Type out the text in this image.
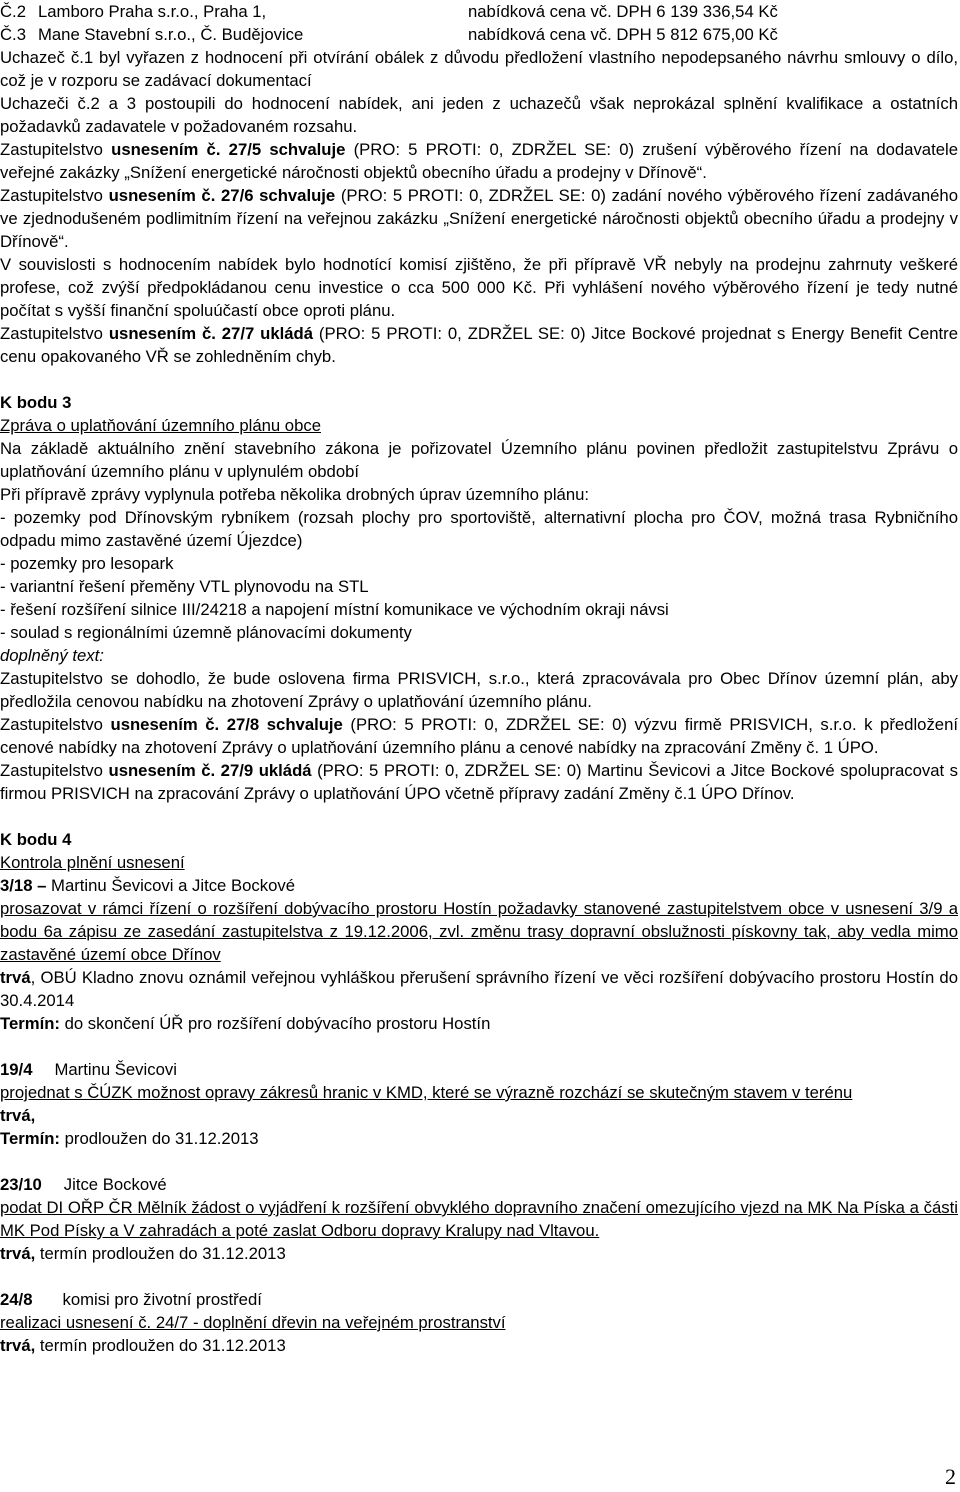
Č.2 Lamboro Praha s.r.o., Praha 1,	nabídková cena vč. DPH 6 139 336,54 Kč
Č.3 Mane Stavební s.r.o., Č. Budějovice	nabídková cena vč. DPH 5 812 675,00 Kč
Uchazeč č.1 byl vyřazen z hodnocení při otvírání obálek z důvodu předložení vlastního nepodepsaného návrhu smlouvy o dílo, což je v rozporu se zadávací dokumentací
Uchazeči č.2 a 3 postoupili do hodnocení nabídek, ani jeden z uchazečů však neprokázal splnění kvalifikace a ostatních požadavků zadavatele v požadovaném rozsahu.
Zastupitelstvo usnesením č. 27/5 schvaluje (PRO: 5 PROTI: 0, ZDRŽEL SE: 0) zrušení výběrového řízení na dodavatele veřejné zakázky „Snížení energetické náročnosti objektů obecního úřadu a prodejny v Dřínově“.
Zastupitelstvo usnesením č. 27/6 schvaluje (PRO: 5 PROTI: 0, ZDRŽEL SE: 0) zadání nového výběrového řízení zadávaného ve zjednodušeném podlimitním řízení na veřejnou zakázku „Snížení energetické náročnosti objektů obecního úřadu a prodejny v Dřínově“.
V souvislosti s hodnocením nabídek bylo hodnotící komisí zjištěno, že při přípravě VŘ nebyly na prodejnu zahrnuty veškeré profese, což zvýší předpokládanou cenu investice o cca 500 000 Kč. Při vyhlášení nového výběrového řízení je tedy nutné počítat s vyšší finanční spoluúčastí obce oproti plánu.
Zastupitelstvo usnesením č. 27/7 ukládá (PRO: 5 PROTI: 0, ZDRŽEL SE: 0) Jitce Bockové projednat s Energy Benefit Centre cenu opakovaného VŘ se zohledněním chyb.
K bodu 3
Zpráva o uplatňování územního plánu obce
Na základě aktuálního znění stavebního zákona je pořizovatel Územního plánu povinen předložit zastupitelstvu Zprávu o uplatňování územního plánu v uplynulém období
Při přípravě zprávy vyplynula potřeba několika drobných úprav územního plánu:
- pozemky pod Dřínovským rybníkem (rozsah plochy pro sportoviště, alternativní plocha pro ČOV, možná trasa Rybničního odpadu mimo zastavěné území Újezdce)
- pozemky pro lesopark
- variantní řešení přeměny VTL plynovodu na STL
- řešení rozšíření silnice III/24218 a napojení místní komunikace ve východním okraji návsi
- soulad s regionálními územně plánovacími dokumenty
doplněný text:
Zastupitelstvo se dohodlo, že bude oslovena firma PRISVICH, s.r.o., která zpracovávala pro Obec Dřínov územní plán, aby předložila cenovou nabídku na zhotovení Zprávy o uplatňování územního plánu.
Zastupitelstvo usnesením č. 27/8 schvaluje (PRO: 5 PROTI: 0, ZDRŽEL SE: 0) výzvu firmě PRISVICH, s.r.o. k předložení cenové nabídky na zhotovení Zprávy o uplatňování územního plánu a cenové nabídky na zpracování Změny č. 1 ÚPO.
Zastupitelstvo usnesením č. 27/9 ukládá (PRO: 5 PROTI: 0, ZDRŽEL SE: 0) Martinu Ševicovi a Jitce Bockové spolupracovat s firmou PRISVICH na zpracování Zprávy o uplatňování ÚPO včetně přípravy zadání Změny č.1 ÚPO Dřínov.
K bodu 4
Kontrola plnění usnesení
3/18 – Martinu Ševicovi a Jitce Bockové
prosazovat v rámci řízení o rozšíření dobývacího prostoru Hostín požadavky stanovené zastupitelstvem obce v usnesení 3/9 a bodu 6a zápisu ze zasedání zastupitelstva z 19.12.2006, zvl. změnu trasy dopravní obslužnosti pískovny tak, aby vedla mimo zastavěné území obce Dřínov
trvá, OBÚ Kladno znovu oznámil veřejnou vyhláškou přerušení správního řízení ve věci rozšíření dobývacího prostoru Hostín do 30.4.2014
Termín: do skončení ÚŘ pro rozšíření dobývacího prostoru Hostín
19/4 Martinu Ševicovi
projednat s ČÚZK možnost opravy zákresů hranic v KMD, které se výrazně rozchází se skutečným stavem v terénu
trvá,
Termín: prodloužen do 31.12.2013
23/10 Jitce Bockové
podat DI OŘP ČR Mělník žádost o vyjádření k rozšíření obvyklého dopravního značení omezujícího vjezd na MK Na Píska a části MK Pod Písky a V zahradách a poté zaslat Odboru dopravy Kralupy nad Vltavou.
trvá, termín prodloužen do 31.12.2013
24/8 komisi pro životní prostředí
realizaci usnesení č. 24/7 - doplnění dřevin na veřejném prostranství
trvá, termín prodloužen do 31.12.2013
2
